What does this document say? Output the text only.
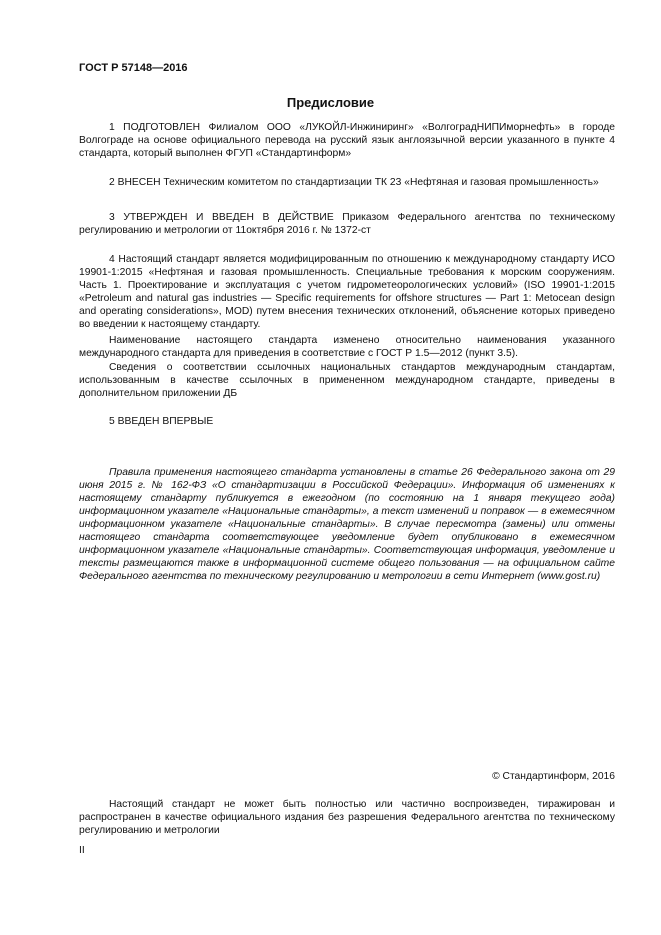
ГОСТ Р 57148—2016
Предисловие

1 ПОДГОТОВЛЕН Филиалом ООО «ЛУКОЙЛ-Инжиниринг» «ВолгоградНИПИморнефть» в городе Волгограде на основе официального перевода на русский язык англоязычной версии указанного в пункте 4 стандарта, который выполнен ФГУП «Стандартинформ»

2 ВНЕСЕН Техническим комитетом по стандартизации ТК 23 «Нефтяная и газовая промышленность»

3 УТВЕРЖДЕН И ВВЕДЕН В ДЕЙСТВИЕ Приказом Федерального агентства по техническому регулированию и метрологии от 11октября 2016 г. № 1372-ст

4 Настоящий стандарт является модифицированным по отношению к международному стандарту ИСО 19901-1:2015 «Нефтяная и газовая промышленность. Специальные требования к морским сооружениям. Часть 1. Проектирование и эксплуатация с учетом гидрометеорологических условий» (ISO 19901-1:2015 «Petroleum and natural gas industries — Specific requirements for offshore structures — Part 1: Metocean design and operating considerations», MOD) путем внесения технических отклонений, объяснение которых приведено во введении к настоящему стандарту.

Наименование настоящего стандарта изменено относительно наименования указанного международного стандарта для приведения в соответствие с ГОСТ Р 1.5—2012 (пункт 3.5).

Сведения о соответствии ссылочных национальных стандартов международным стандартам, использованным в качестве ссылочных в примененном международном стандарте, приведены в дополнительном приложении ДБ

5 ВВЕДЕН ВПЕРВЫЕ

Правила применения настоящего стандарта установлены в статье 26 Федерального закона от 29 июня 2015 г. № 162-ФЗ «О стандартизации в Российской Федерации». Информация об изменениях к настоящему стандарту публикуется в ежегодном (по состоянию на 1 января текущего года) информационном указателе «Национальные стандарты», а текст изменений и поправок — в ежемесячном информационном указателе «Национальные стандарты». В случае пересмотра (замены) или отмены настоящего стандарта соответствующее уведомление будет опубликовано в ежемесячном информационном указателе «Национальные стандарты». Соответствующая информация, уведомление и тексты размещаются также в информационной системе общего пользования — на официальном сайте Федерального агентства по техническому регулированию и метрологии в сети Интернет (www.gost.ru)

© Стандартинформ, 2016

Настоящий стандарт не может быть полностью или частично воспроизведен, тиражирован и распространен в качестве официального издания без разрешения Федерального агентства по техническому регулированию и метрологии

II
